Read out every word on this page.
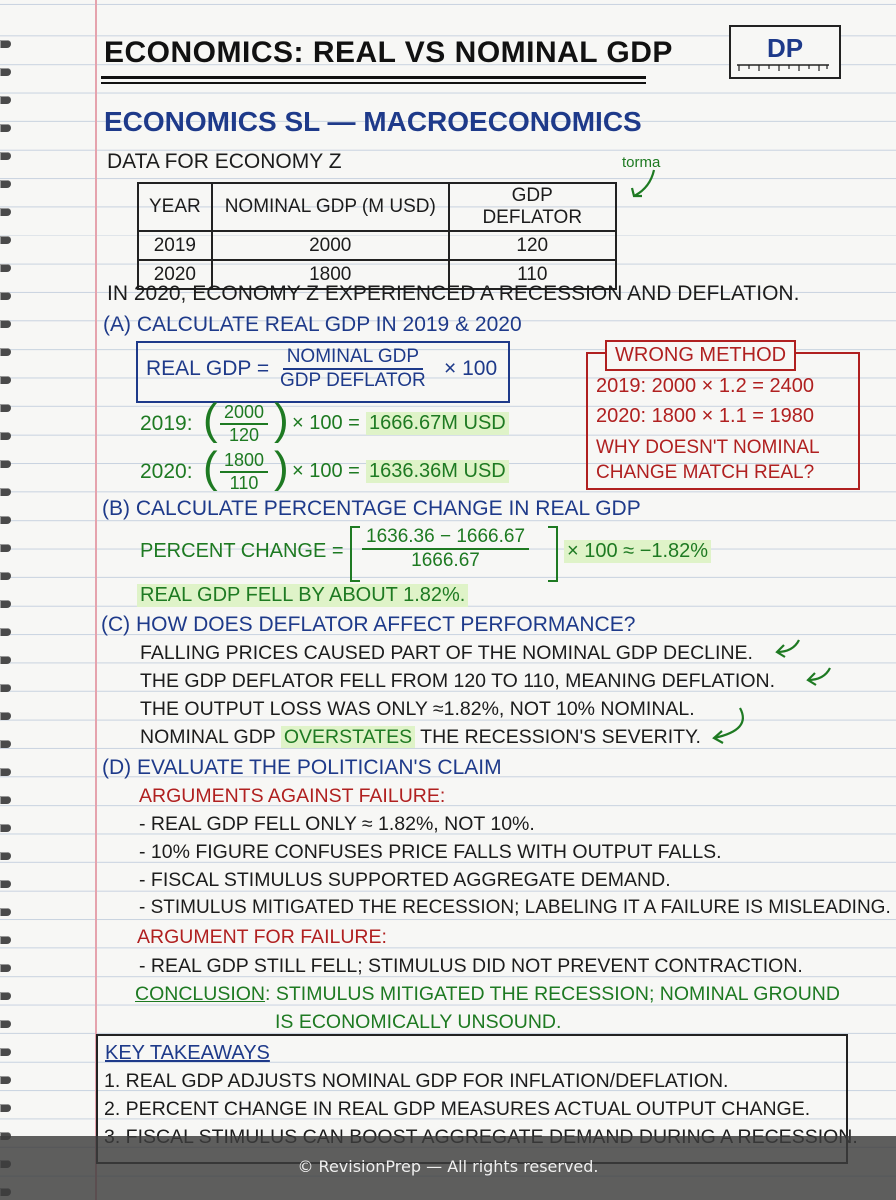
ECONOMICS: REAL VS NOMINAL GDP	DP
ECONOMICS SL — MACROECONOMICS
DATA FOR ECONOMY Z	torma
YEAR	NOMINAL GDP (M USD)	GDP DEFLATOR
2019	2000	120
2020	1800	110
IN 2020, ECONOMY Z EXPERIENCED A RECESSION AND DEFLATION.
(A) CALCULATE REAL GDP IN 2019 & 2020
REAL GDP =
NOMINAL GDP
GDP DEFLATOR
× 100
2019: ( $\frac{2000}{120}$ ) × 100 = 1666.67M USD
2020: ( $\frac{1800}{110}$ ) × 100 = 1636.36M USD
WRONG METHOD
2019: 2000 × 1.2 = 2400
2020: 1800 × 1.1 = 1980
WHY DOESN'T NOMINAL
CHANGE MATCH REAL?
(B) CALCULATE PERCENTAGE CHANGE IN REAL GDP
PERCENT CHANGE = $\frac{1636.36 - 1666.67}{1666.67} \times 100 \approx -1.82\%$
REAL GDP FELL BY ABOUT 1.82%.
(C) HOW DOES DEFLATOR AFFECT PERFORMANCE?
FALLING PRICES CAUSED PART OF THE NOMINAL GDP DECLINE.
THE GDP DEFLATOR FELL FROM 120 TO 110, MEANING DEFLATION.
THE OUTPUT LOSS WAS ONLY ≈1.82%, NOT 10% NOMINAL.
NOMINAL GDP OVERSTATES THE RECESSION'S SEVERITY.
(D) EVALUATE THE POLITICIAN'S CLAIM
ARGUMENTS AGAINST FAILURE:
- REAL GDP FELL ONLY ≈ 1.82%, NOT 10%.
- 10% FIGURE CONFUSES PRICE FALLS WITH OUTPUT FALLS.
- FISCAL STIMULUS SUPPORTED AGGREGATE DEMAND.
- STIMULUS MITIGATED THE RECESSION; LABELING IT A FAILURE IS MISLEADING.
ARGUMENT FOR FAILURE:
- REAL GDP STILL FELL; STIMULUS DID NOT PREVENT CONTRACTION.
CONCLUSION: STIMULUS MITIGATED THE RECESSION; NOMINAL GROUND
IS ECONOMICALLY UNSOUND.
KEY TAKEAWAYS
1. REAL GDP ADJUSTS NOMINAL GDP FOR INFLATION/DEFLATION.
2. PERCENT CHANGE IN REAL GDP MEASURES ACTUAL OUTPUT CHANGE.
© RevisionPrep — All rights reserved.
